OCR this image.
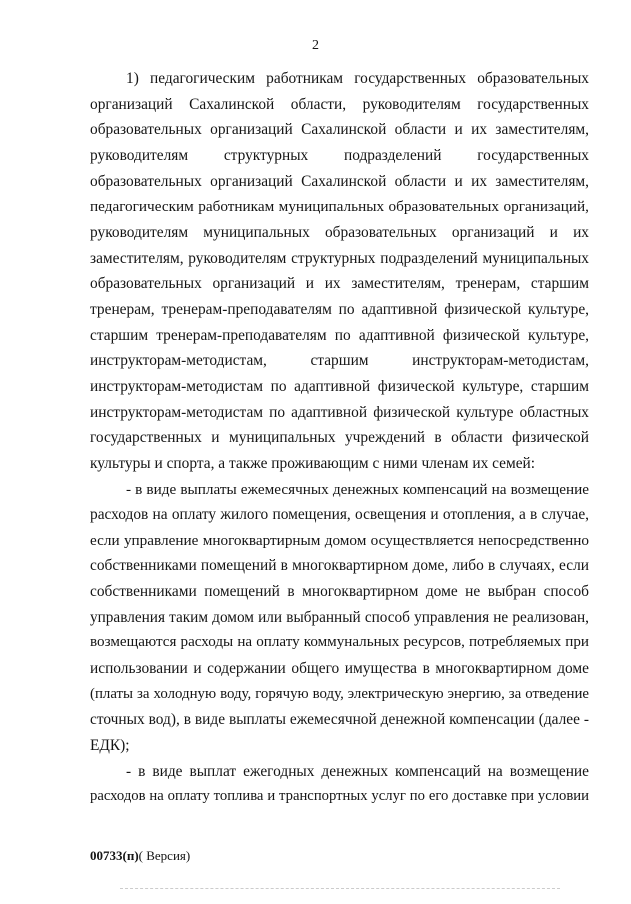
2

1) педагогическим работникам государственных образовательных
организаций Сахалинской области, руководителям государственных
образовательных организаций Сахалинской области и их заместителям,
руководителям структурных подразделений государственных
образовательных организаций Сахалинской области и их заместителям,
педагогическим работникам муниципальных образовательных организаций,
руководителям муниципальных образовательных организаций и их
заместителям, руководителям структурных подразделений муниципальных
образовательных организаций и их заместителям, тренерам, старшим
тренерам, тренерам-преподавателям по адаптивной физической культуре,
старшим тренерам-преподавателям по адаптивной физической культуре,
инструкторам-методистам, старшим инструкторам-методистам,
инструкторам-методистам по адаптивной физической культуре, старшим
инструкторам-методистам по адаптивной физической культуре областных
государственных и муниципальных учреждений в области физической
культуры и спорта, а также проживающим с ними членам их семей:

- в виде выплаты ежемесячных денежных компенсаций на возмещение
расходов на оплату жилого помещения, освещения и отопления, а в случае,
если управление многоквартирным домом осуществляется непосредственно
собственниками помещений в многоквартирном доме, либо в случаях, если
собственниками помещений в многоквартирном доме не выбран способ
управления таким домом или выбранный способ управления не реализован,
возмещаются расходы на оплату коммунальных ресурсов, потребляемых при
использовании и содержании общего имущества в многоквартирном доме
(платы за холодную воду, горячую воду, электрическую энергию, за отведение
сточных вод), в виде выплаты ежемесячной денежной компенсации (далее -
ЕДК);

- в виде выплат ежегодных денежных компенсаций на возмещение
расходов на оплату топлива и транспортных услуг по его доставке при условии

00733(п)( Версия)
